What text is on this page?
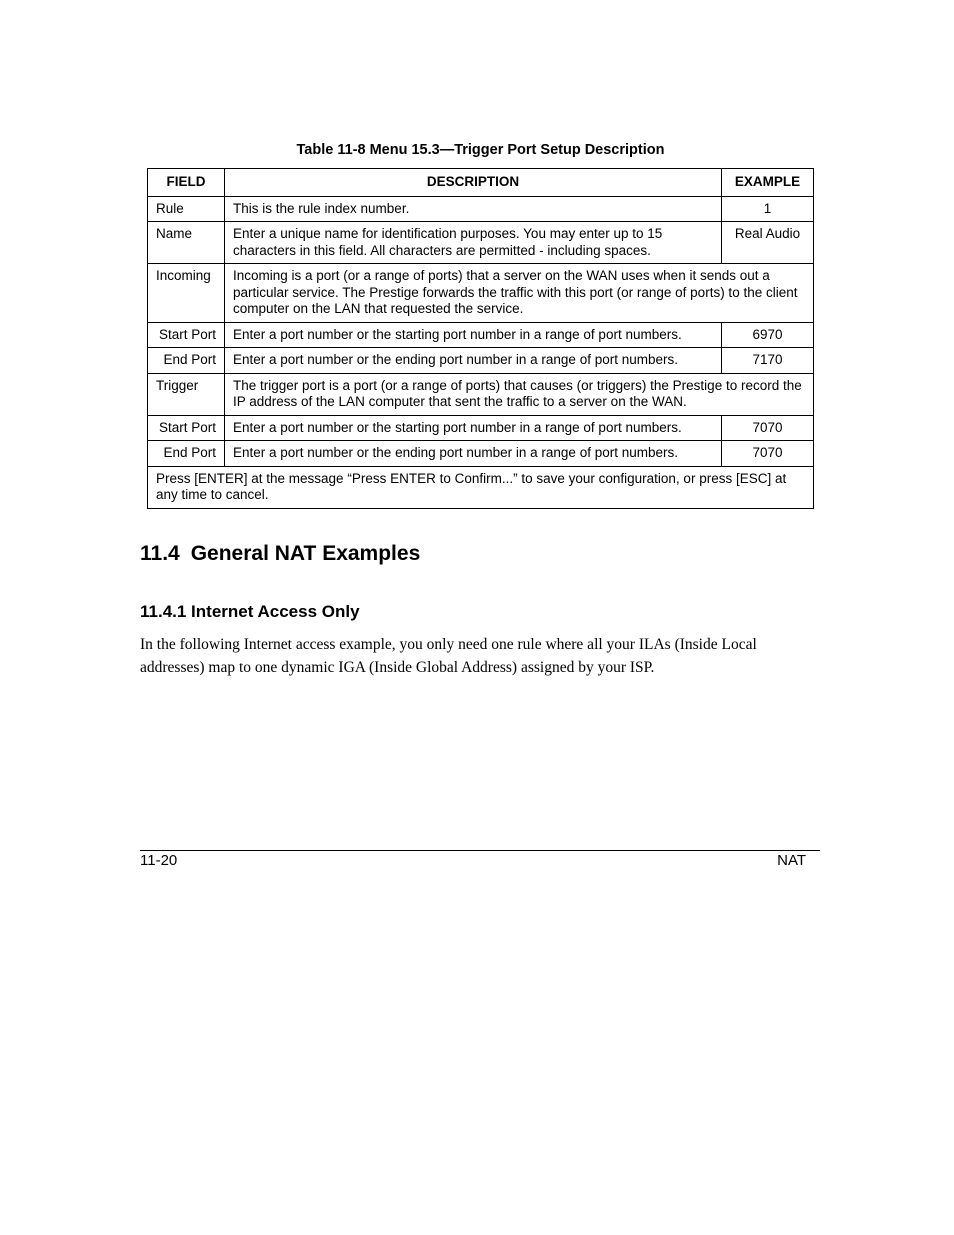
Table 11-8 Menu 15.3—Trigger Port Setup Description
FIELD	DESCRIPTION	EXAMPLE
Rule	This is the rule index number.	1
Name	Enter a unique name for identification purposes. You may enter up to 15 characters in this field. All characters are permitted - including spaces.	Real Audio
Incoming	Incoming is a port (or a range of ports) that a server on the WAN uses when it sends out a particular service. The Prestige forwards the traffic with this port (or range of ports) to the client computer on the LAN that requested the service.	
Start Port	Enter a port number or the starting port number in a range of port numbers.	6970
End Port	Enter a port number or the ending port number in a range of port numbers.	7170
Trigger	The trigger port is a port (or a range of ports) that causes (or triggers) the Prestige to record the IP address of the LAN computer that sent the traffic to a server on the WAN.	
Start Port	Enter a port number or the starting port number in a range of port numbers.	7070
End Port	Enter a port number or the ending port number in a range of port numbers.	7070
Press [ENTER] at the message “Press ENTER to Confirm...” to save your configuration, or press [ESC] at any time to cancel.		
11.4 General NAT Examples
11.4.1 Internet Access Only

In the following Internet access example, you only need one rule where all your ILAs (Inside Local addresses) map to one dynamic IGA (Inside Global Address) assigned by your ISP.

11-20	NAT
